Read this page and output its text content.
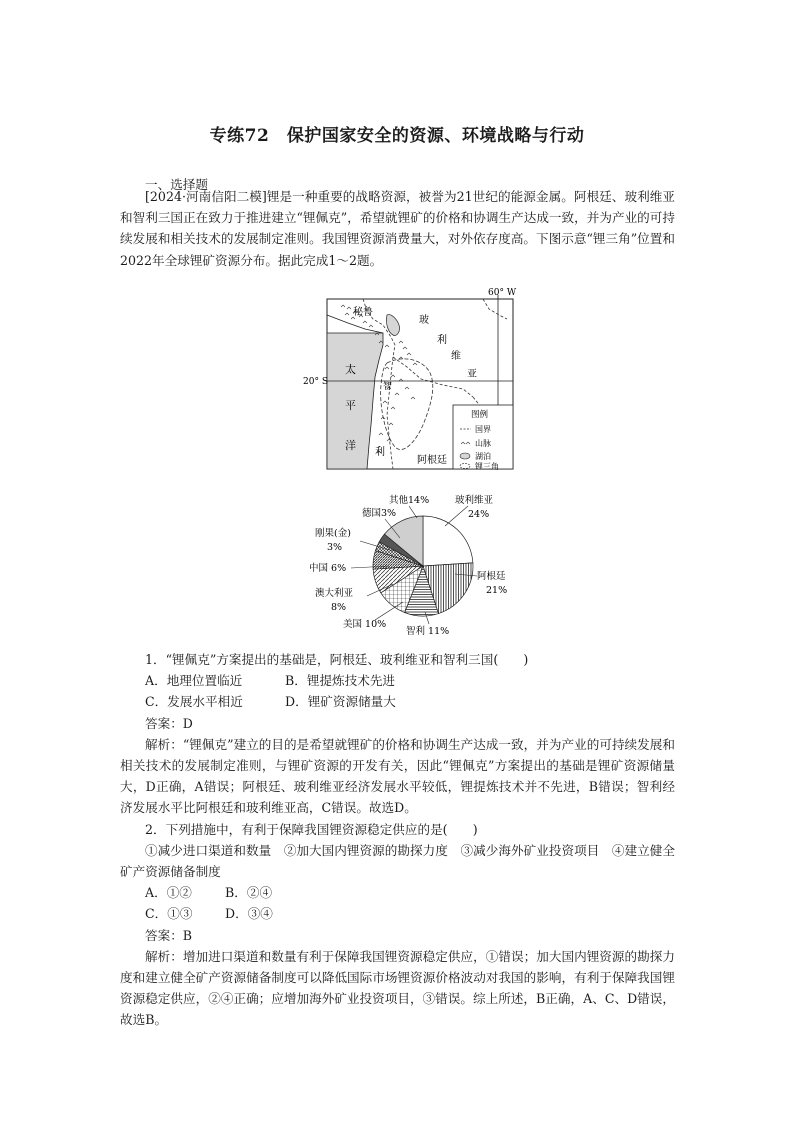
专练72　保护国家安全的资源、环境战略与行动
一、选择题
[2024·河南信阳二模]锂是一种重要的战略资源，被誉为21世纪的能源金属。阿根廷、玻利维亚和智利三国正在致力于推进建立“锂佩克”，希望就锂矿的价格和协调生产达成一致，并为产业的可持续发展和相关技术的发展制定准则。我国锂资源消费量大，对外依存度高。下图示意“锂三角”位置和2022年全球锂矿资源分布。据此完成1～2题。
60° W
20° S
秘鲁
玻
利
维
亚
智
利
阿根廷
太
平
洋
图例
国界
山脉
湖泊
锂三角
其他14%	玻利维亚
24%
德国3%
刚果(金)
3%
中国 6%
澳大利亚
8%
美国 10%
智利 11%
阿根廷
21%
1．“锂佩克”方案提出的基础是，阿根廷、玻利维亚和智利三国(　　)
A．地理位置临近	B．锂提炼技术先进
C．发展水平相近	D．锂矿资源储量大
答案：D
解析：“锂佩克”建立的目的是希望就锂矿的价格和协调生产达成一致，并为产业的可持续发展和相关技术的发展制定准则，与锂矿资源的开发有关，因此“锂佩克”方案提出的基础是锂矿资源储量大，D正确，A错误；阿根廷、玻利维亚经济发展水平较低，锂提炼技术并不先进，B错误；智利经济发展水平比阿根廷和玻利维亚高，C错误。故选D。
2．下列措施中，有利于保障我国锂资源稳定供应的是(　　)
①减少进口渠道和数量　②加大国内锂资源的勘探力度　③减少海外矿业投资项目　④建立健全矿产资源储备制度
A．①②	B．②④
C．①③	D．③④
答案：B
解析：增加进口渠道和数量有利于保障我国锂资源稳定供应，①错误；加大国内锂资源的勘探力度和建立健全矿产资源储备制度可以降低国际市场锂资源价格波动对我国的影响，有利于保障我国锂资源稳定供应，②④正确；应增加海外矿业投资项目，③错误。综上所述，B正确，A、C、D错误，故选B。
